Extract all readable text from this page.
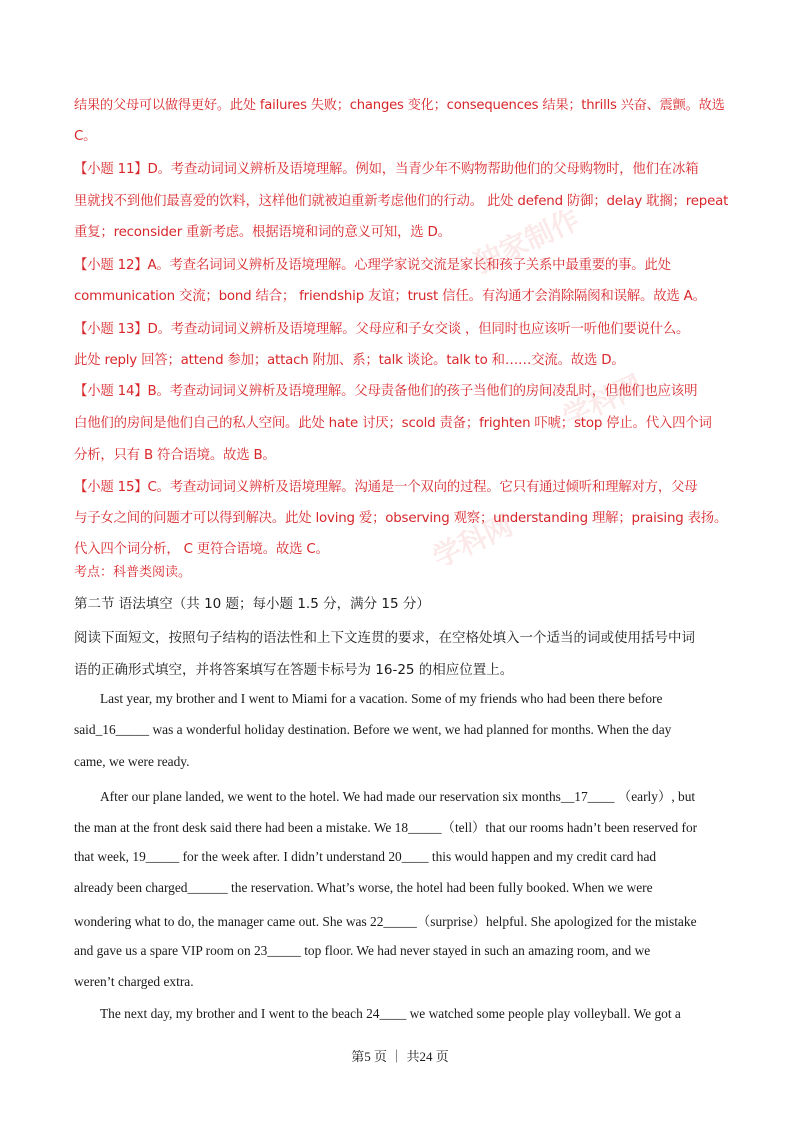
独家制作
学科网
学科网
结果的父母可以做得更好。此处 failures 失败；changes 变化；consequences 结果；thrills 兴奋、震颤。故选
C。
【小题 11】D。考查动词词义辨析及语境理解。例如，当青少年不购物帮助他们的父母购物时，他们在冰箱
里就找不到他们最喜爱的饮料，这样他们就被迫重新考虑他们的行动。 此处 defend 防御；delay 耽搁；repeat
重复；reconsider 重新考虑。根据语境和词的意义可知，选 D。
【小题 12】A。考查名词词义辨析及语境理解。心理学家说交流是家长和孩子关系中最重要的事。此处
communication 交流；bond 结合； friendship 友谊；trust 信任。有沟通才会消除隔阂和误解。故选 A。
【小题 13】D。考查动词词义辨析及语境理解。父母应和子女交谈 ，但同时也应该听一听他们要说什么。
此处 reply 回答；attend 参加；attach 附加、系；talk 谈论。talk to 和……交流。故选 D。
【小题 14】B。考查动词词义辨析及语境理解。父母责备他们的孩子当他们的房间凌乱时，但他们也应该明
白他们的房间是他们自己的私人空间。此处 hate 讨厌；scold 责备；frighten 吓唬；stop 停止。代入四个词
分析，只有 B 符合语境。故选 B。
【小题 15】C。考查动词词义辨析及语境理解。沟通是一个双向的过程。它只有通过倾听和理解对方，父母
与子女之间的问题才可以得到解决。此处 loving 爱；observing 观察；understanding 理解；praising 表扬。
代入四个词分析， C 更符合语境。故选 C。
考点：科普类阅读。
第二节 语法填空（共 10 题；每小题 1.5 分，满分 15 分）
阅读下面短文，按照句子结构的语法性和上下文连贯的要求，在空格处填入一个适当的词或使用括号中词
语的正确形式填空，并将答案填写在答题卡标号为 16-25 的相应位置上。
Last year, my brother and I went to Miami for a vacation. Some of my friends who had been there before
said_16_____ was a wonderful holiday destination. Before we went, we had planned for months. When the day
came, we were ready.
After our plane landed, we went to the hotel. We had made our reservation six months__17____ （early）, but
the man at the front desk said there had been a mistake. We 18_____（tell）that our rooms hadn’t been reserved for
that week, 19_____ for the week after. I didn’t understand 20____ this would happen and my credit card had
already been charged______ the reservation. What’s worse, the hotel had been fully booked. When we were
wondering what to do, the manager came out. She was 22_____（surprise）helpful. She apologized for the mistake
and gave us a spare VIP room on 23_____ top floor. We had never stayed in such an amazing room, and we
weren’t charged extra.
The next day, my brother and I went to the beach 24____ we watched some people play volleyball. We got a
第5 页 ｜ 共24 页
